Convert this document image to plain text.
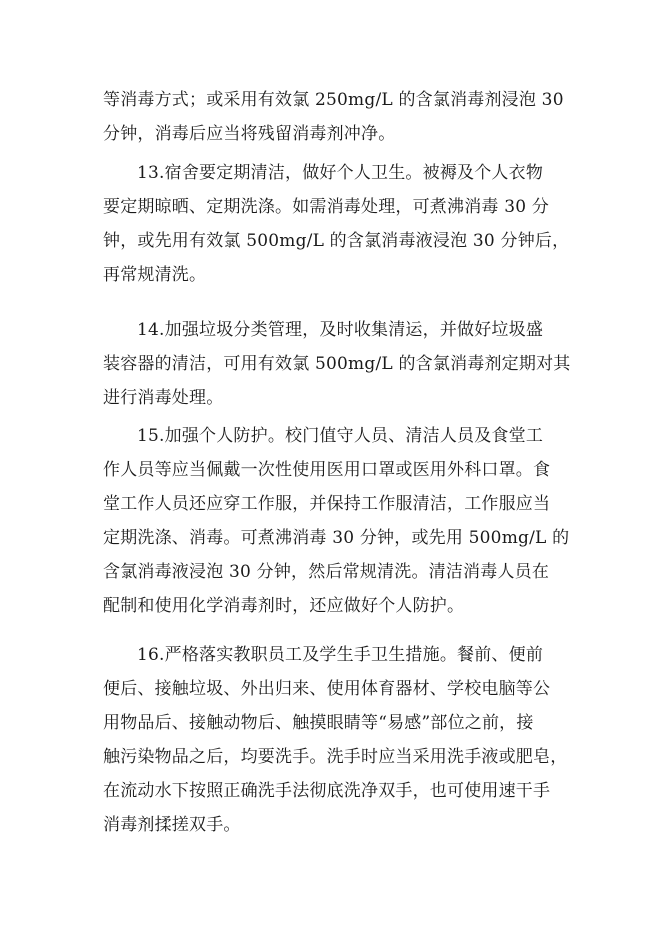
等消毒方式；或采用有效氯 250mg/L 的含氯消毒剂浸泡 30
分钟，消毒后应当将残留消毒剂冲净。
13.宿舍要定期清洁，做好个人卫生。被褥及个人衣物
要定期晾晒、定期洗涤。如需消毒处理，可煮沸消毒 30 分
钟，或先用有效氯 500mg/L 的含氯消毒液浸泡 30 分钟后，
再常规清洗。
14.加强垃圾分类管理，及时收集清运，并做好垃圾盛
装容器的清洁，可用有效氯 500mg/L 的含氯消毒剂定期对其
进行消毒处理。
15.加强个人防护。校门值守人员、清洁人员及食堂工
作人员等应当佩戴一次性使用医用口罩或医用外科口罩。食
堂工作人员还应穿工作服，并保持工作服清洁，工作服应当
定期洗涤、消毒。可煮沸消毒 30 分钟，或先用 500mg/L 的
含氯消毒液浸泡 30 分钟，然后常规清洗。清洁消毒人员在
配制和使用化学消毒剂时，还应做好个人防护。
16.严格落实教职员工及学生手卫生措施。餐前、便前
便后、接触垃圾、外出归来、使用体育器材、学校电脑等公
用物品后、接触动物后、触摸眼睛等“易感”部位之前，接
触污染物品之后，均要洗手。洗手时应当采用洗手液或肥皂，
在流动水下按照正确洗手法彻底洗净双手，也可使用速干手
消毒剂揉搓双手。
